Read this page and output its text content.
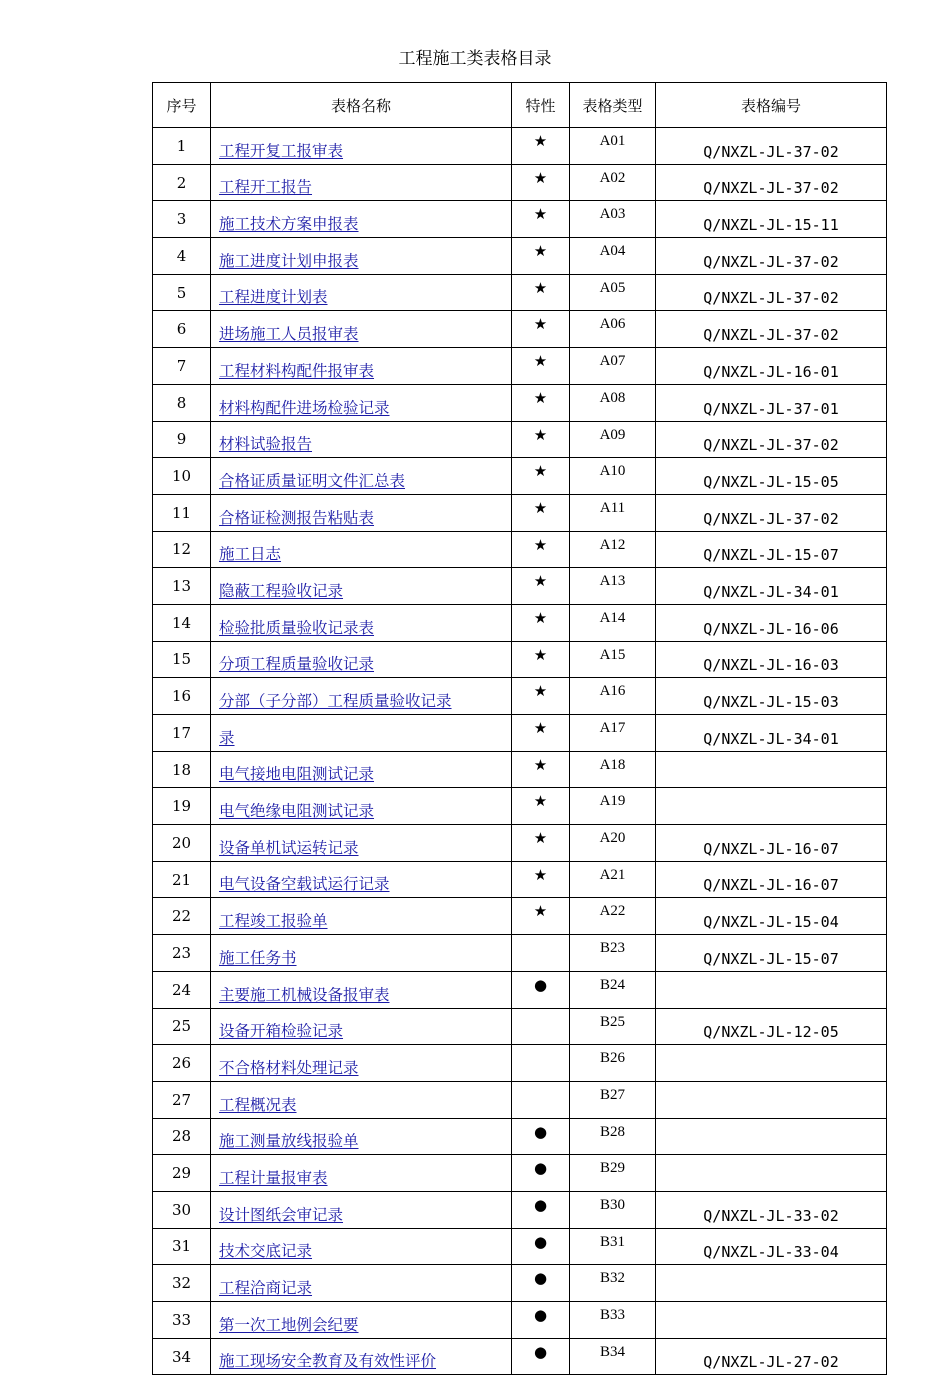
工程施工类表格目录
序号	表格名称	特性	表格类型	表格编号
1	工程开复工报审表	★	A01	Q/NXZL-JL-37-02
2	工程开工报告	★	A02	Q/NXZL-JL-37-02
3	施工技术方案申报表	★	A03	Q/NXZL-JL-15-11
4	施工进度计划申报表	★	A04	Q/NXZL-JL-37-02
5	工程进度计划表	★	A05	Q/NXZL-JL-37-02
6	进场施工人员报审表	★	A06	Q/NXZL-JL-37-02
7	工程材料构配件报审表	★	A07	Q/NXZL-JL-16-01
8	材料构配件进场检验记录	★	A08	Q/NXZL-JL-37-01
9	材料试验报告	★	A09	Q/NXZL-JL-37-02
10	合格证质量证明文件汇总表	★	A10	Q/NXZL-JL-15-05
11	合格证检测报告粘贴表	★	A11	Q/NXZL-JL-37-02
12	施工日志	★	A12	Q/NXZL-JL-15-07
13	隐蔽工程验收记录	★	A13	Q/NXZL-JL-34-01
14	检验批质量验收记录表	★	A14	Q/NXZL-JL-16-06
15	分项工程质量验收记录	★	A15	Q/NXZL-JL-16-03
16	分部（子分部）工程质量验收记录	★	A16	Q/NXZL-JL-15-03
17	录	★	A17	Q/NXZL-JL-34-01
18	电气接地电阻测试记录	★	A18	
19	电气绝缘电阻测试记录	★	A19	
20	设备单机试运转记录	★	A20	Q/NXZL-JL-16-07
21	电气设备空载试运行记录	★	A21	Q/NXZL-JL-16-07
22	工程竣工报验单	★	A22	Q/NXZL-JL-15-04
23	施工任务书		B23	Q/NXZL-JL-15-07
24	主要施工机械设备报审表	●	B24	
25	设备开箱检验记录		B25	Q/NXZL-JL-12-05
26	不合格材料处理记录		B26	
27	工程概况表		B27	
28	施工测量放线报验单	●	B28	
29	工程计量报审表	●	B29	
30	设计图纸会审记录	●	B30	Q/NXZL-JL-33-02
31	技术交底记录	●	B31	Q/NXZL-JL-33-04
32	工程洽商记录	●	B32	
33	第一次工地例会纪要	●	B33	
34	施工现场安全教育及有效性评价	●	B34	Q/NXZL-JL-27-02
